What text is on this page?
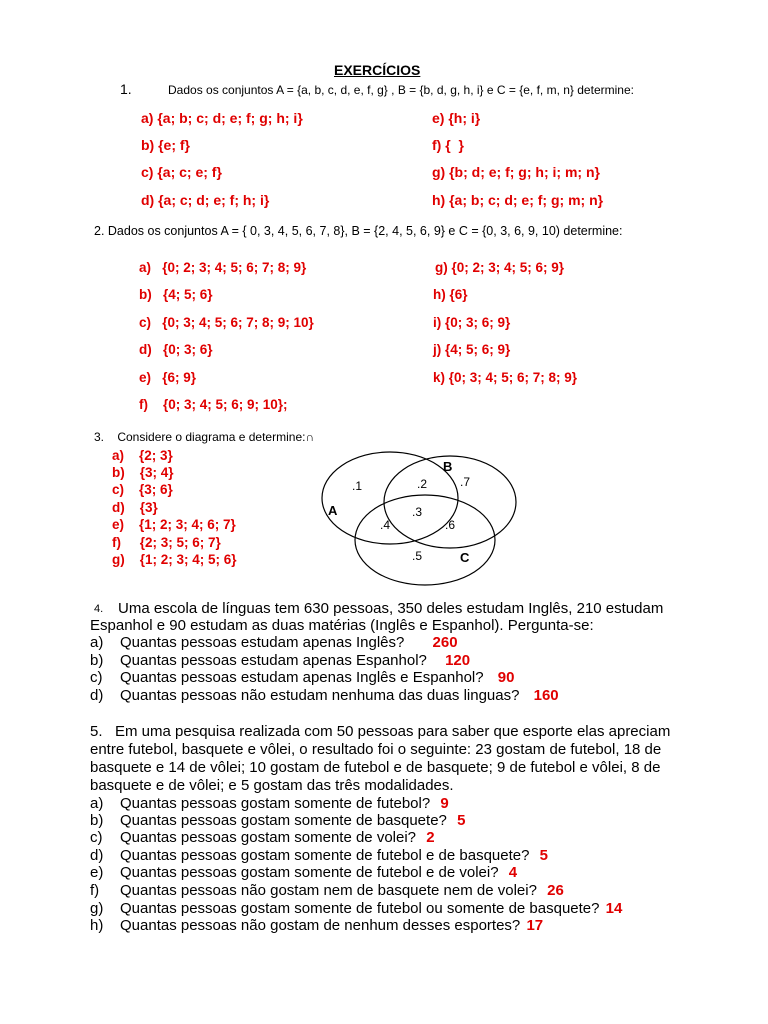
EXERCÍCIOS
1.	Dados os conjuntos A = {a, b, c, d, e, f, g} , B = {b, d, g, h, i} e C = {e, f, m, n} determine:
a) {a; b; c; d; e; f; g; h; i}
b) {e; f}
c) {a; c; e; f}
d) {a; c; d; e; f; h; i}
e) {h; i}
f) {  }
g) {b; d; e; f; g; h; i; m; n}
h) {a; b; c; d; e; f; g; m; n}
2. Dados os conjuntos A = { 0, 3, 4, 5, 6, 7, 8}, B = {2, 4, 5, 6, 9} e C = {0, 3, 6, 9, 10) determine:
a)   {0; 2; 3; 4; 5; 6; 7; 8; 9}
b)   {4; 5; 6}
c)   {0; 3; 4; 5; 6; 7; 8; 9; 10}
d)   {0; 3; 6}
e)   {6; 9}
f)    {0; 3; 4; 5; 6; 9; 10};
g) {0; 2; 3; 4; 5; 6; 9}
h) {6}
i) {0; 3; 6; 9}
j) {4; 5; 6; 9}
k) {0; 3; 4; 5; 6; 7; 8; 9}
3.    Considere o diagrama e determine:∩
a)    {2; 3}
b)    {3; 4}
c)    {3; 6}
d)    {3}
e)    {1; 2; 3; 4; 6; 7}
f)     {2; 3; 5; 6; 7}
g)    {1; 2; 3; 4; 5; 6}
A
B
C
.1	.2	.7
.3
.4	.6
.5
4. Uma escola de línguas tem 630 pessoas, 350 deles estudam Inglês, 210 estudam
Espanhol e 90 estudam as duas matérias (Inglês e Espanhol). Pergunta-se:
a) Quantas pessoas estudam apenas Inglês? 260
b) Quantas pessoas estudam apenas Espanhol? 120
c) Quantas pessoas estudam apenas Inglês e Espanhol? 90
d) Quantas pessoas não estudam nenhuma das duas linguas? 160
5.   Em uma pesquisa realizada com 50 pessoas para saber que esporte elas apreciam
entre futebol, basquete e vôlei, o resultado foi o seguinte: 23 gostam de futebol, 18 de
basquete e 14 de vôlei; 10 gostam de futebol e de basquete; 9 de futebol e vôlei, 8 de
basquete e de vôlei; e 5 gostam das três modalidades.
a) Quantas pessoas gostam somente de futebol? 9
b) Quantas pessoas gostam somente de basquete? 5
c) Quantas pessoas gostam somente de volei? 2
d) Quantas pessoas gostam somente de futebol e de basquete? 5
e) Quantas pessoas gostam somente de futebol e de volei? 4
f) Quantas pessoas não gostam nem de basquete nem de volei? 26
g) Quantas pessoas gostam somente de futebol ou somente de basquete? 14
h) Quantas pessoas não gostam de nenhum desses esportes? 17
